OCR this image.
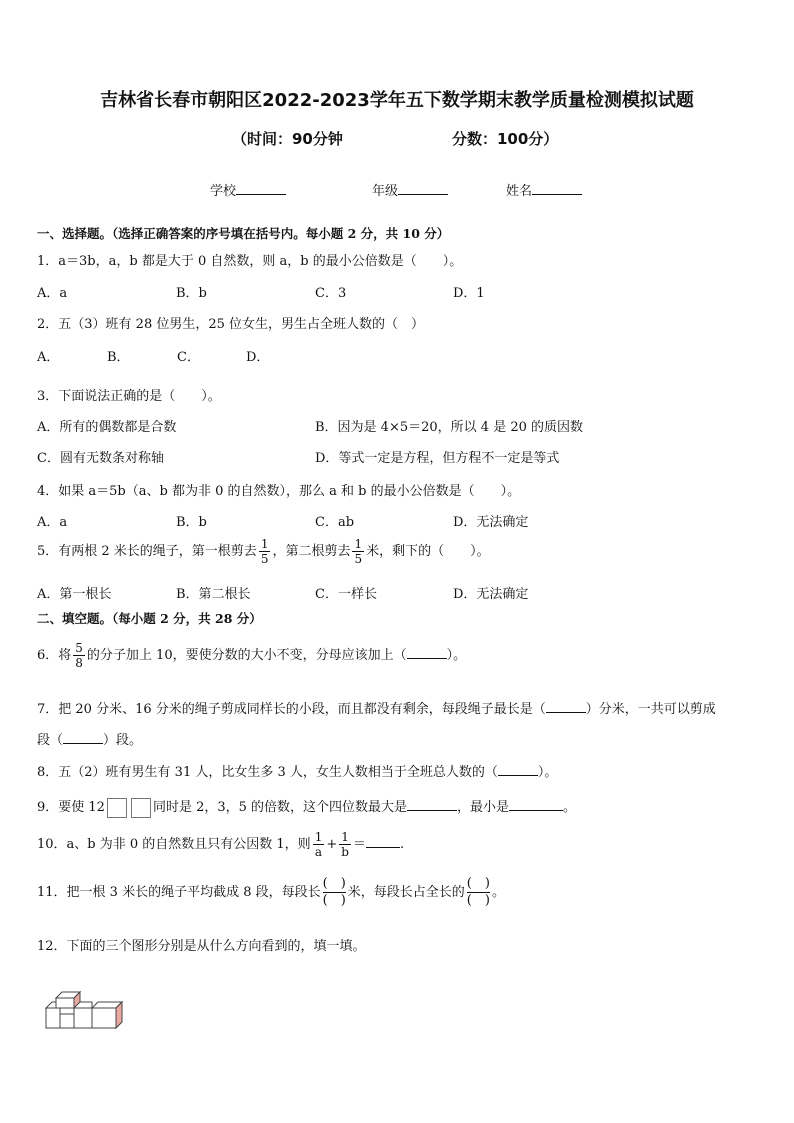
吉林省长春市朝阳区2022-2023学年五下数学期末教学质量检测模拟试题
（时间：90分钟	分数：100分）
学校	年级	姓名
一、选择题。（选择正确答案的序号填在括号内。每小题 2 分，共 10 分）
1．a＝3b，a，b 都是大于 0 自然数，则 a，b 的最小公倍数是（　　）。
A．a	B．b	C．3	D．1
2．五（3）班有 28 位男生，25 位女生，男生占全班人数的（　）
A．	B．	C．	D．
3．下面说法正确的是（　　）。
A．所有的偶数都是合数	B．因为是 4×5＝20，所以 4 是 20 的质因数
C．圆有无数条对称轴	D．等式一定是方程，但方程不一定是等式
4．如果 a＝5b（a、b 都为非 0 的自然数），那么 a 和 b 的最小公倍数是（　　）。
A．a	B．b	C．ab	D．无法确定
5．有两根 2 米长的绳子，第一根剪去 $\frac{1}{5}$ ，第二根剪去 $\frac{1}{5}$ 米，剩下的（　　）。
A．第一根长	B．第二根长	C．一样长	D．无法确定
二、填空题。（每小题 2 分，共 28 分）
6．将 $\frac{5}{8}$ 的分子加上 10，要使分数的大小不变，分母应该加上（	）。
7．把 20 分米、16 分米的绳子剪成同样长的小段，而且都没有剩余，每段绳子最长是（	）分米，一共可以剪成
段（	）段。
8．五（2）班有男生有 31 人，比女生多 3 人，女生人数相当于全班总人数的（	）。
9．要使 12	同时是 2，3，5 的倍数，这个四位数最大是	，最小是	。
10．a、b 为非 0 的自然数且只有公因数 1，则 $\frac{1}{a} + \frac{1}{b}$ ＝	.
11．把一根 3 米长的绳子平均截成 8 段，每段长
(　)
(　)
米，每段长占全长的
(　)
(　)
。
12．下面的三个图形分别是从什么方向看到的，填一填。
